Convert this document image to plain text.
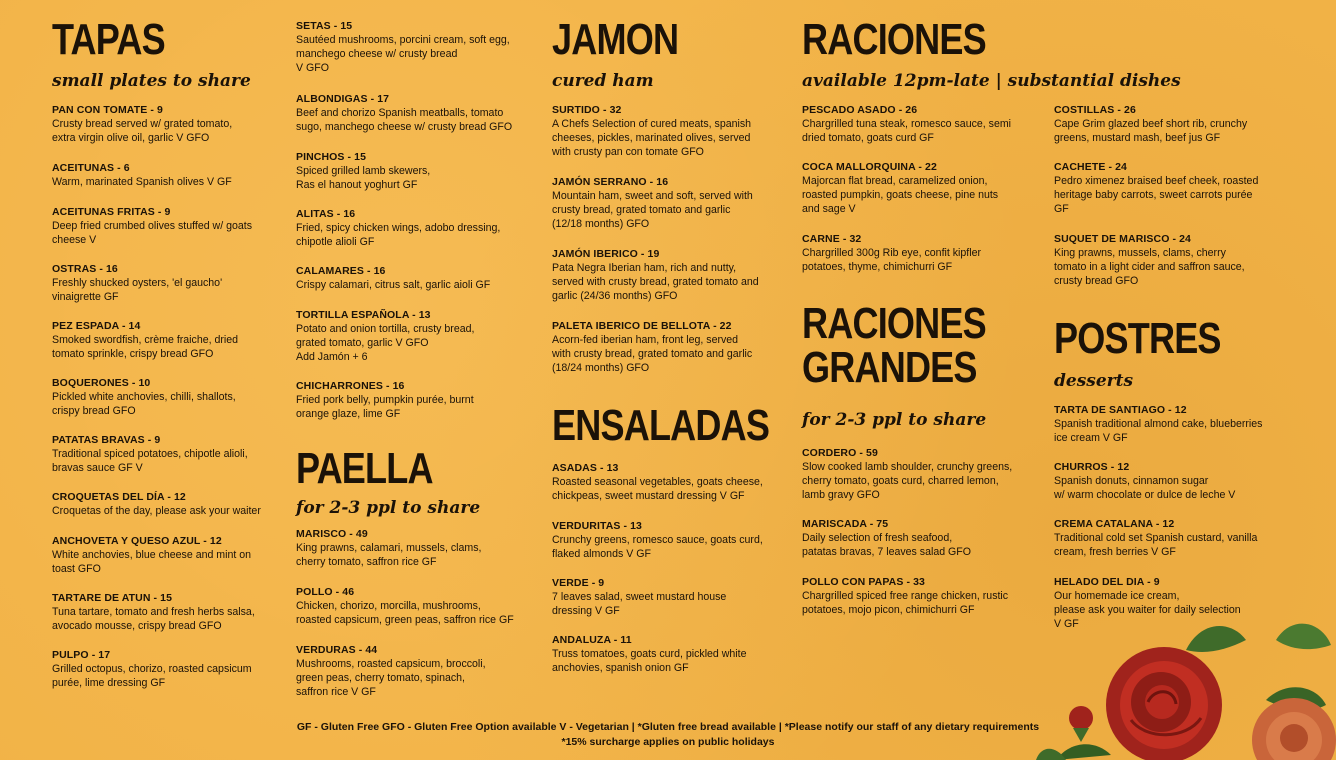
TAPAS

small plates to share

PAN CON TOMATE - 9
Crusty bread served w/ grated tomato,
extra virgin olive oil, garlic V GFO
ACEITUNAS - 6
Warm, marinated Spanish olives V GF
ACEITUNAS FRITAS - 9
Deep fried crumbed olives stuffed w/ goats
cheese V
OSTRAS - 16
Freshly shucked oysters, 'el gaucho'
vinaigrette GF
PEZ ESPADA - 14
Smoked swordfish, crème fraiche, dried
tomato sprinkle, crispy bread GFO
BOQUERONES - 10
Pickled white anchovies, chilli, shallots,
crispy bread GFO
PATATAS BRAVAS - 9
Traditional spiced potatoes, chipotle alioli,
bravas sauce GF V
CROQUETAS DEL DÍA - 12
Croquetas of the day, please ask your waiter
ANCHOVETA Y QUESO AZUL - 12
White anchovies, blue cheese and mint on
toast GFO
TARTARE DE ATUN - 15
Tuna tartare, tomato and fresh herbs salsa,
avocado mousse, crispy bread GFO
PULPO - 17
Grilled octopus, chorizo, roasted capsicum
purée, lime dressing GF
SETAS - 15
Sautéed mushrooms, porcini cream, soft egg,
manchego cheese w/ crusty bread
V GFO
ALBONDIGAS - 17
Beef and chorizo Spanish meatballs, tomato
sugo, manchego cheese w/ crusty bread GFO
PINCHOS - 15
Spiced grilled lamb skewers,
Ras el hanout yoghurt GF
ALITAS - 16
Fried, spicy chicken wings, adobo dressing,
chipotle alioli GF
CALAMARES - 16
Crispy calamari, citrus salt, garlic aioli GF
TORTILLA ESPAÑOLA - 13
Potato and onion tortilla, crusty bread,
grated tomato, garlic V GFO
Add Jamón + 6
CHICHARRONES - 16
Fried pork belly, pumpkin purée, burnt
orange glaze, lime GF

PAELLA

for 2-3 ppl to share

MARISCO - 49
King prawns, calamari, mussels, clams,
cherry tomato, saffron rice GF
POLLO - 46
Chicken, chorizo, morcilla, mushrooms,
roasted capsicum, green peas, saffron rice GF
VERDURAS - 44
Mushrooms, roasted capsicum, broccoli,
green peas, cherry tomato, spinach,
saffron rice V GF

JAMON

cured ham

SURTIDO - 32
A Chefs Selection of cured meats, spanish
cheeses, pickles, marinated olives, served
with crusty pan con tomate GFO
JAMÓN SERRANO - 16
Mountain ham, sweet and soft, served with
crusty bread, grated tomato and garlic
(12/18 months) GFO
JAMÓN IBERICO - 19
Pata Negra Iberian ham, rich and nutty,
served with crusty bread, grated tomato and
garlic (24/36 months) GFO
PALETA IBERICO DE BELLOTA - 22
Acorn-fed iberian ham, front leg, served
with crusty bread, grated tomato and garlic
(18/24 months) GFO

ENSALADAS

ASADAS - 13
Roasted seasonal vegetables, goats cheese,
chickpeas, sweet mustard dressing V GF
VERDURITAS - 13
Crunchy greens, romesco sauce, goats curd,
flaked almonds V GF
VERDE - 9
7 leaves salad, sweet mustard house
dressing V GF
ANDALUZA - 11
Truss tomatoes, goats curd, pickled white
anchovies, spanish onion GF

RACIONES

available 12pm-late | substantial dishes

PESCADO ASADO - 26
Chargrilled tuna steak, romesco sauce, semi
dried tomato, goats curd GF
COCA MALLORQUINA - 22
Majorcan flat bread, caramelized onion,
roasted pumpkin, goats cheese, pine nuts
and sage V
CARNE - 32
Chargrilled 300g Rib eye, confit kipfler
potatoes, thyme, chimichurri GF

RACIONES

GRANDES

for 2-3 ppl to share

CORDERO - 59
Slow cooked lamb shoulder, crunchy greens,
cherry tomato, goats curd, charred lemon,
lamb gravy GFO
MARISCADA - 75
Daily selection of fresh seafood,
patatas bravas, 7 leaves salad GFO
POLLO CON PAPAS - 33
Chargrilled spiced free range chicken, rustic
potatoes, mojo picon, chimichurri GF
COSTILLAS - 26
Cape Grim glazed beef short rib, crunchy
greens, mustard mash, beef jus GF
CACHETE - 24
Pedro ximenez braised beef cheek, roasted
heritage baby carrots, sweet carrots purée
GF
SUQUET DE MARISCO - 24
King prawns, mussels, clams, cherry
tomato in a light cider and saffron sauce,
crusty bread GFO

POSTRES

desserts

TARTA DE SANTIAGO - 12
Spanish traditional almond cake, blueberries
ice cream V GF
CHURROS - 12
Spanish donuts, cinnamon sugar
w/ warm chocolate or dulce de leche V
CREMA CATALANA - 12
Traditional cold set Spanish custard, vanilla
cream, fresh berries V GF
HELADO DEL DIA - 9
Our homemade ice cream,
please ask you waiter for daily selection
V GF
GF - Gluten Free GFO - Gluten Free Option available V - Vegetarian | *Gluten free bread available | *Please notify our staff of any dietary requirements
*15% surcharge applies on public holidays
